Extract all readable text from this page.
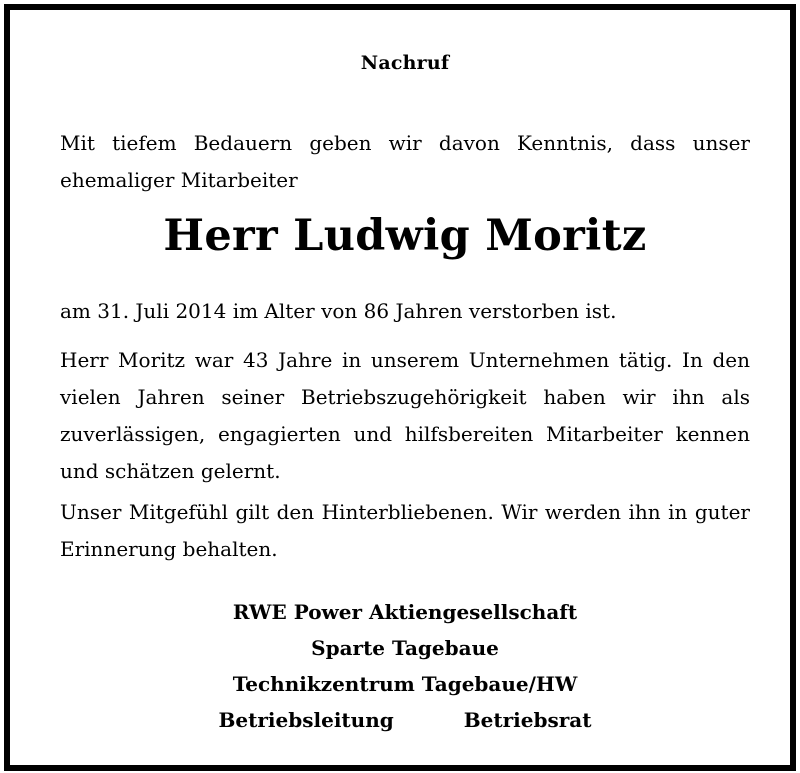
Nachruf
Mit tiefem Bedauern geben wir davon Kenntnis, dass unser ehemaliger Mitarbeiter
Herr Ludwig Moritz
am 31. Juli 2014 im Alter von 86 Jahren verstorben ist.
Herr Moritz war 43 Jahre in unserem Unternehmen tätig. In den vielen Jahren seiner Betriebszugehörigkeit haben wir ihn als zuverlässigen, engagierten und hilfsbereiten Mitarbeiter kennen und schätzen gelernt.
Unser Mitgefühl gilt den Hinterbliebenen. Wir werden ihn in guter Erinnerung behalten.
RWE Power Aktiengesellschaft
Sparte Tagebaue
Technikzentrum Tagebaue/HW
Betriebsleitung	Betriebsrat
